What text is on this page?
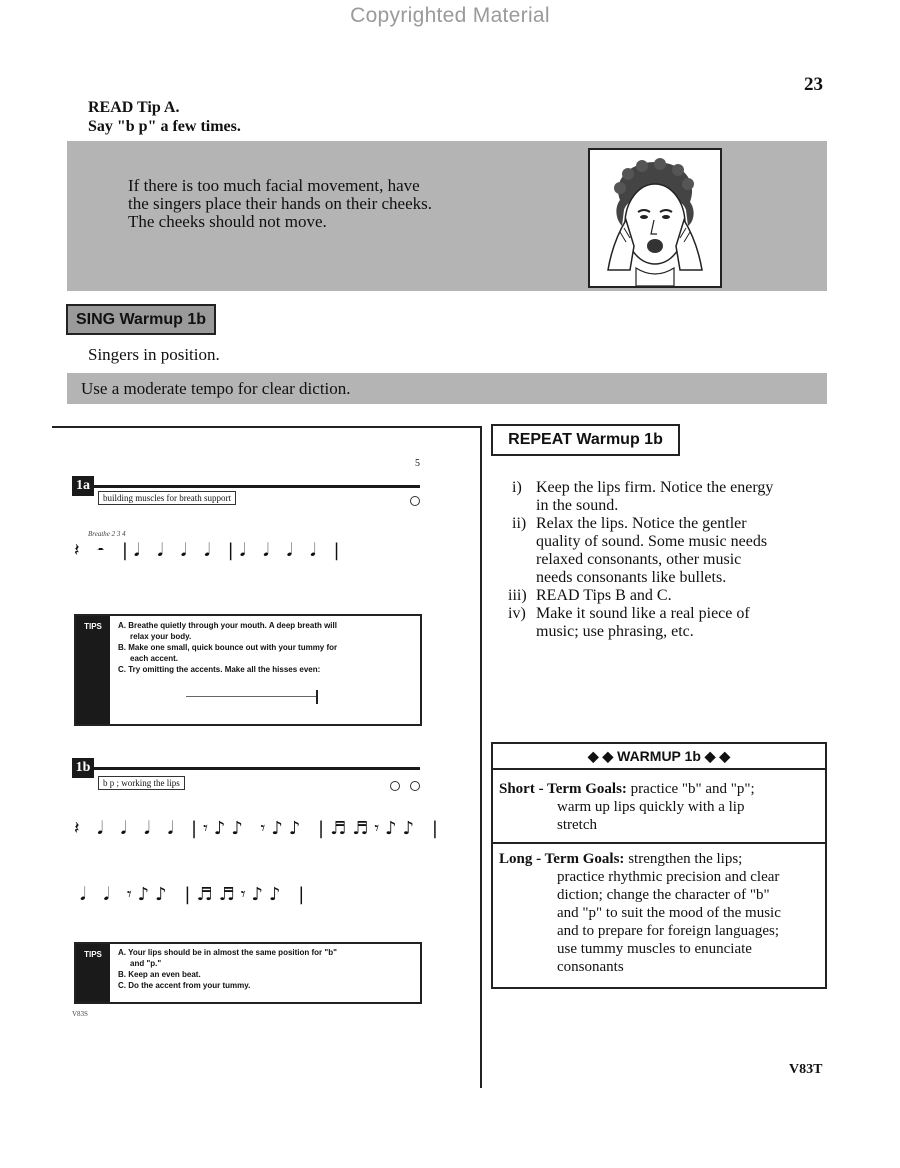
Copyrighted Material
23
READ Tip A.
Say "b p" a few times.
If there is too much facial movement, have
the singers place their hands on their cheeks.
The cheeks should not move.
SING Warmup 1b
Singers in position.
Use a moderate tempo for clear diction.
5
1a
building muscles for breath support
Breathe 2 3 4
𝄽 𝄼 |𝅘𝅥 𝅘𝅥 𝅘𝅥 𝅘𝅥 |𝅘𝅥 𝅘𝅥 𝅘𝅥 𝅘𝅥 |
TIPS	A. Breathe quietly through your mouth. A deep breath will
relax your body.
B. Make one small, quick bounce out with your tummy for
each accent.
C. Try omitting the accents. Make all the hisses even:
1b
b p ; working the lips
𝄽 𝅘𝅥 𝅘𝅥 𝅘𝅥 𝅘𝅥 |𝄾♪♪ 𝄾♪♪ |♬♬𝄾♪♪ |
𝅘𝅥 𝅘𝅥 𝄾♪♪ |♬♬𝄾♪♪ |
TIPS	A. Your lips should be in almost the same position for "b"
and "p."
B. Keep an even beat.
C. Do the accent from your tummy.
V83S
REPEAT Warmup 1b
i) Keep the lips firm. Notice the energy
in the sound.
ii) Relax the lips. Notice the gentler
quality of sound. Some music needs
relaxed consonants, other music
needs consonants like bullets.
iii) READ Tips B and C.
iv) Make it sound like a real piece of
music; use phrasing, etc.
◆ ◆ WARMUP 1b ◆ ◆
Short - Term Goals: practice "b" and "p";
warm up lips quickly with a lip
stretch
Long - Term Goals: strengthen the lips;
practice rhythmic precision and clear
diction; change the character of "b"
and "p" to suit the mood of the music
and to prepare for foreign languages;
use tummy muscles to enunciate
consonants
V83T
